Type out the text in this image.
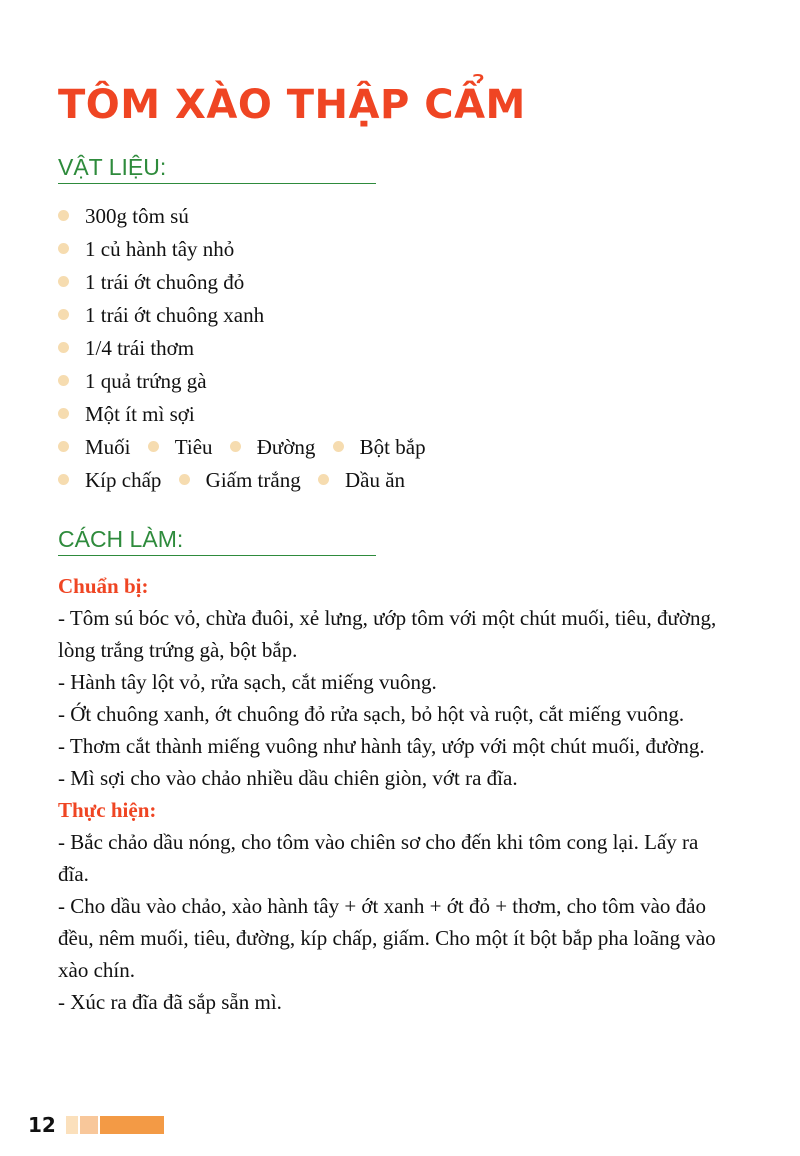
TÔM XÀO THẬP CẨM
VẬT LIỆU:
300g tôm sú
1 củ hành tây nhỏ
1 trái ớt chuông đỏ
1 trái ớt chuông xanh
1/4 trái thơm
1 quả trứng gà
Một ít mì sợi
Muối Tiêu Đường Bột bắp
Kíp chấp Giấm trắng Dầu ăn
CÁCH LÀM:
Chuẩn bị:

- Tôm sú bóc vỏ, chừa đuôi, xẻ lưng, ướp tôm với một chút muối, tiêu, đường, lòng trắng trứng gà, bột bắp.

- Hành tây lột vỏ, rửa sạch, cắt miếng vuông.

- Ớt chuông xanh, ớt chuông đỏ rửa sạch, bỏ hột và ruột, cắt miếng vuông.

- Thơm cắt thành miếng vuông như hành tây, ướp với một chút muối, đường.

- Mì sợi cho vào chảo nhiều dầu chiên giòn, vớt ra đĩa.

Thực hiện:

- Bắc chảo dầu nóng, cho tôm vào chiên sơ cho đến khi tôm cong lại. Lấy ra đĩa.

- Cho dầu vào chảo, xào hành tây + ớt xanh + ớt đỏ + thơm, cho tôm vào đảo đều, nêm muối, tiêu, đường, kíp chấp, giấm. Cho một ít bột bắp pha loãng vào xào chín.

- Xúc ra đĩa đã sắp sẵn mì.

12
